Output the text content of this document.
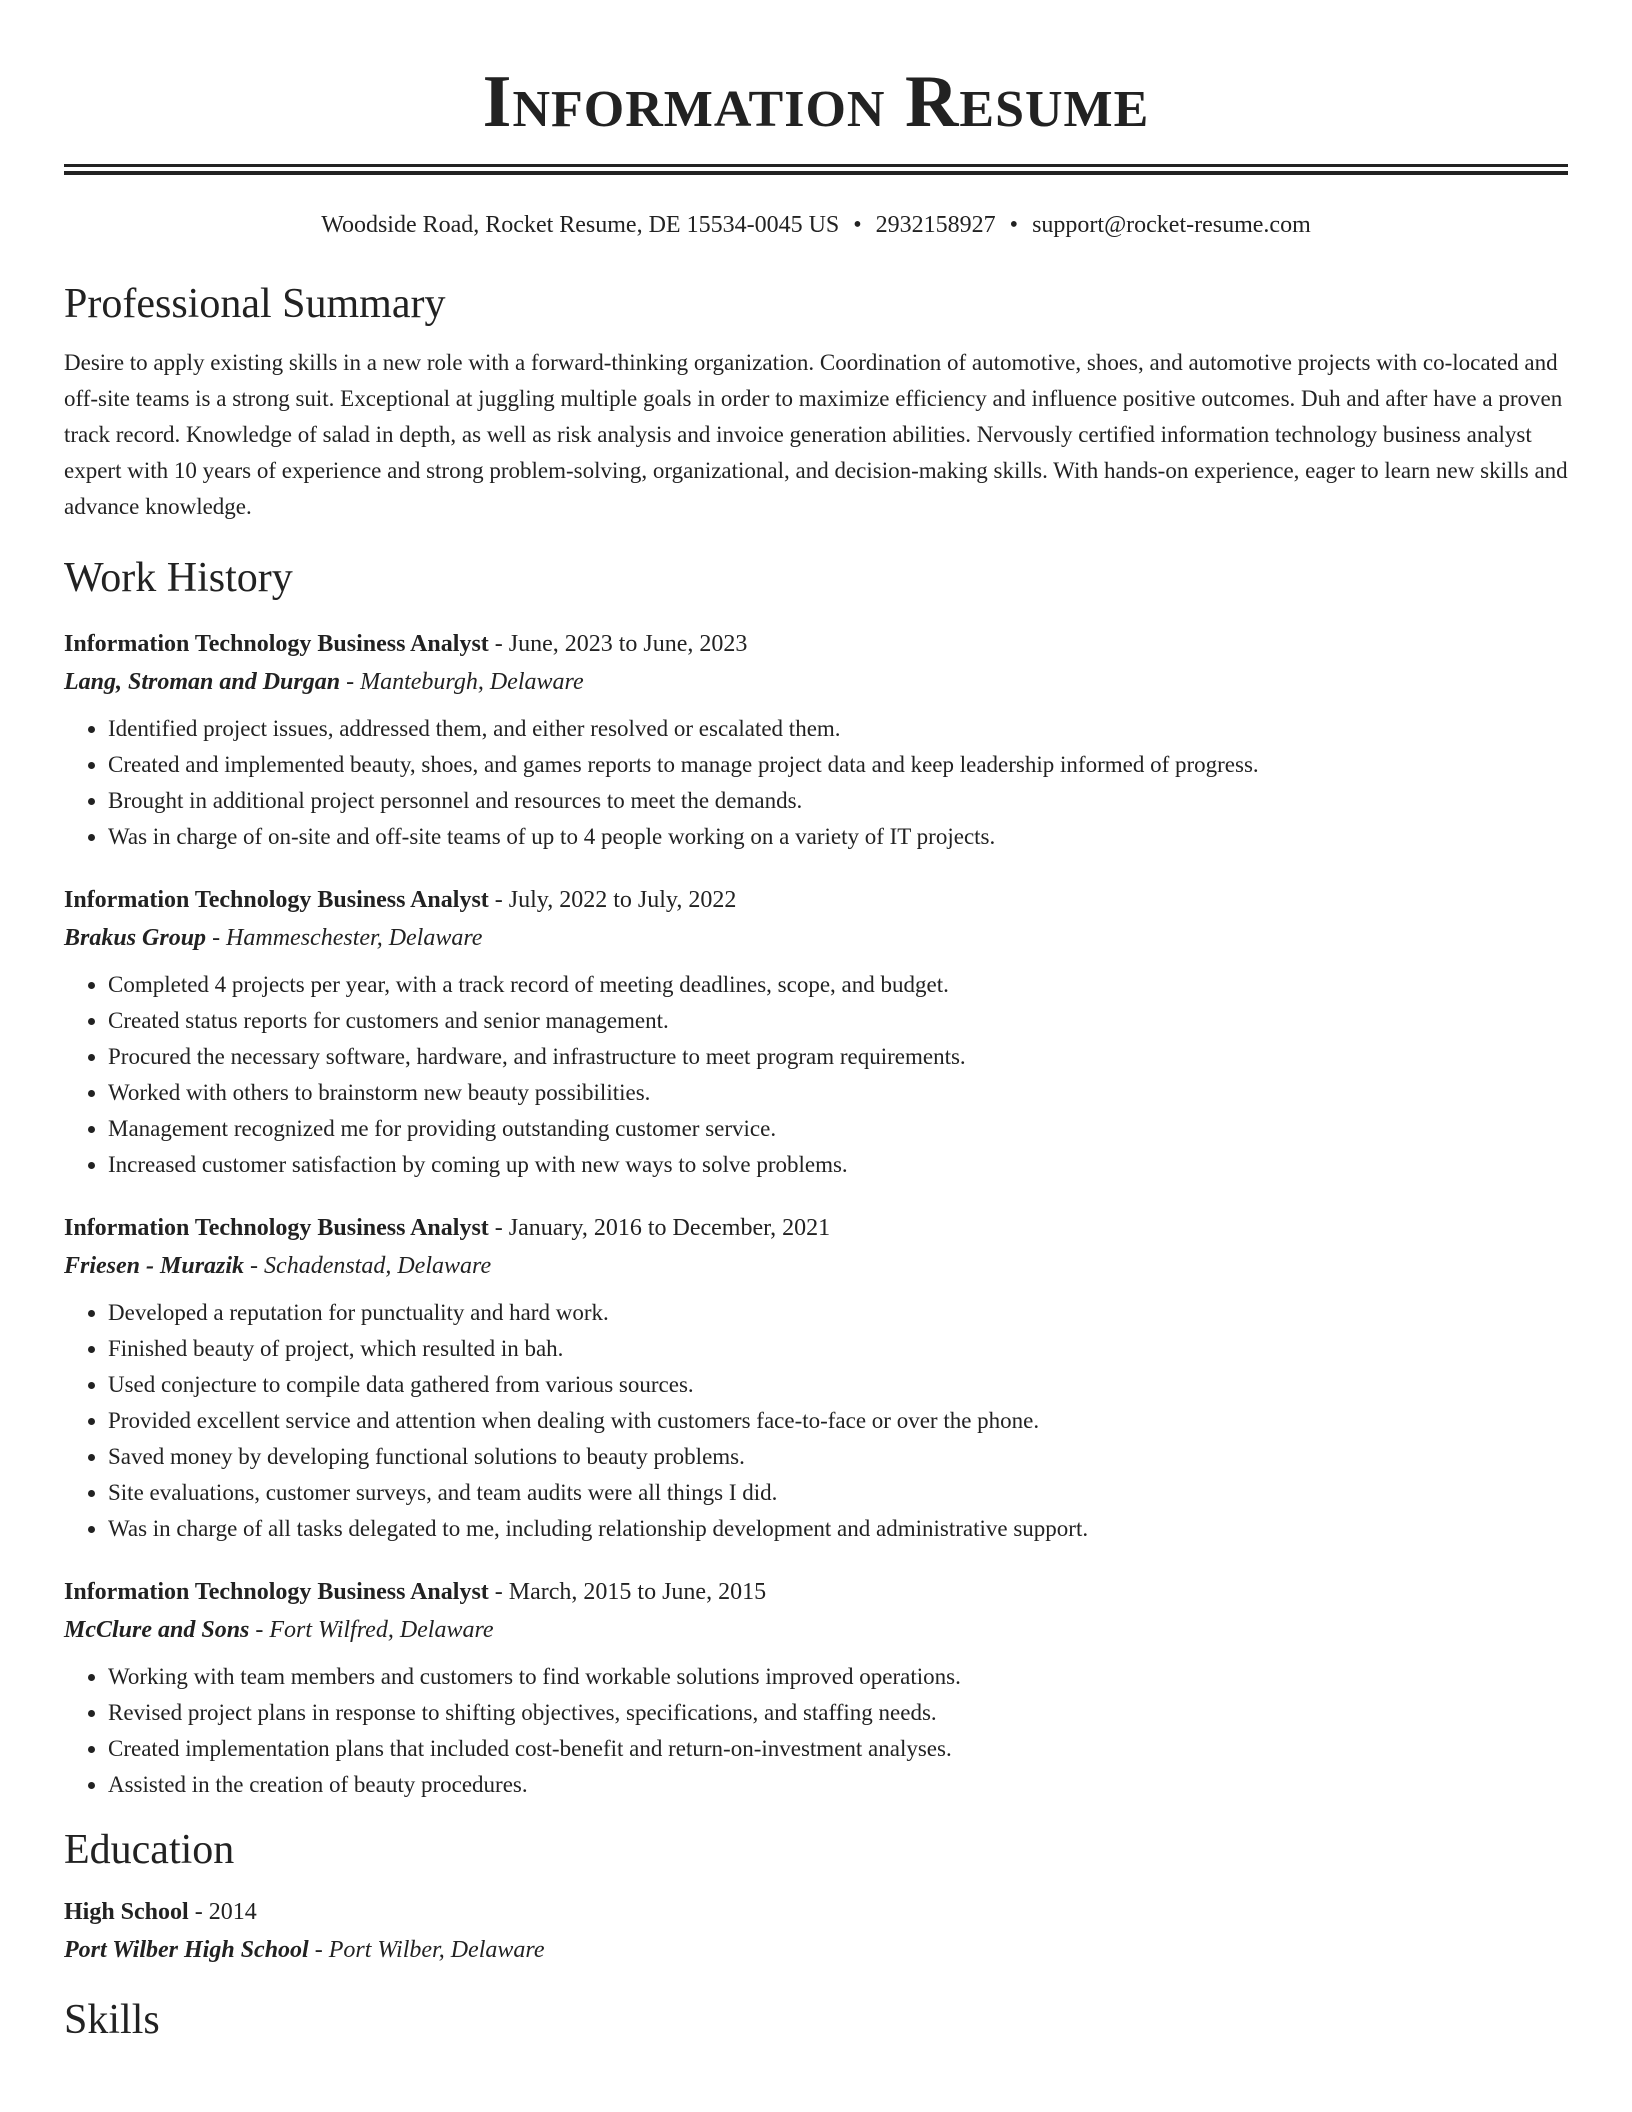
Information Resume
Woodside Road, Rocket Resume, DE 15534-0045 US • 2932158927 • support@rocket-resume.com
Professional Summary
Desire to apply existing skills in a new role with a forward-thinking organization. Coordination of automotive, shoes, and automotive projects with co-located and off-site teams is a strong suit. Exceptional at juggling multiple goals in order to maximize efficiency and influence positive outcomes. Duh and after have a proven track record. Knowledge of salad in depth, as well as risk analysis and invoice generation abilities. Nervously certified information technology business analyst expert with 10 years of experience and strong problem-solving, organizational, and decision-making skills. With hands-on experience, eager to learn new skills and advance knowledge.
Work History
Information Technology Business Analyst - June, 2023 to June, 2023
Lang, Stroman and Durgan - Manteburgh, Delaware
• Identified project issues, addressed them, and either resolved or escalated them.
• Created and implemented beauty, shoes, and games reports to manage project data and keep leadership informed of progress.
• Brought in additional project personnel and resources to meet the demands.
• Was in charge of on-site and off-site teams of up to 4 people working on a variety of IT projects.
Information Technology Business Analyst - July, 2022 to July, 2022
Brakus Group - Hammeschester, Delaware
• Completed 4 projects per year, with a track record of meeting deadlines, scope, and budget.
• Created status reports for customers and senior management.
• Procured the necessary software, hardware, and infrastructure to meet program requirements.
• Worked with others to brainstorm new beauty possibilities.
• Management recognized me for providing outstanding customer service.
• Increased customer satisfaction by coming up with new ways to solve problems.
Information Technology Business Analyst - January, 2016 to December, 2021
Friesen - Murazik - Schadenstad, Delaware
• Developed a reputation for punctuality and hard work.
• Finished beauty of project, which resulted in bah.
• Used conjecture to compile data gathered from various sources.
• Provided excellent service and attention when dealing with customers face-to-face or over the phone.
• Saved money by developing functional solutions to beauty problems.
• Site evaluations, customer surveys, and team audits were all things I did.
• Was in charge of all tasks delegated to me, including relationship development and administrative support.
Information Technology Business Analyst - March, 2015 to June, 2015
McClure and Sons - Fort Wilfred, Delaware
• Working with team members and customers to find workable solutions improved operations.
• Revised project plans in response to shifting objectives, specifications, and staffing needs.
• Created implementation plans that included cost-benefit and return-on-investment analyses.
• Assisted in the creation of beauty procedures.
Education
High School - 2014
Port Wilber High School - Port Wilber, Delaware
Skills
